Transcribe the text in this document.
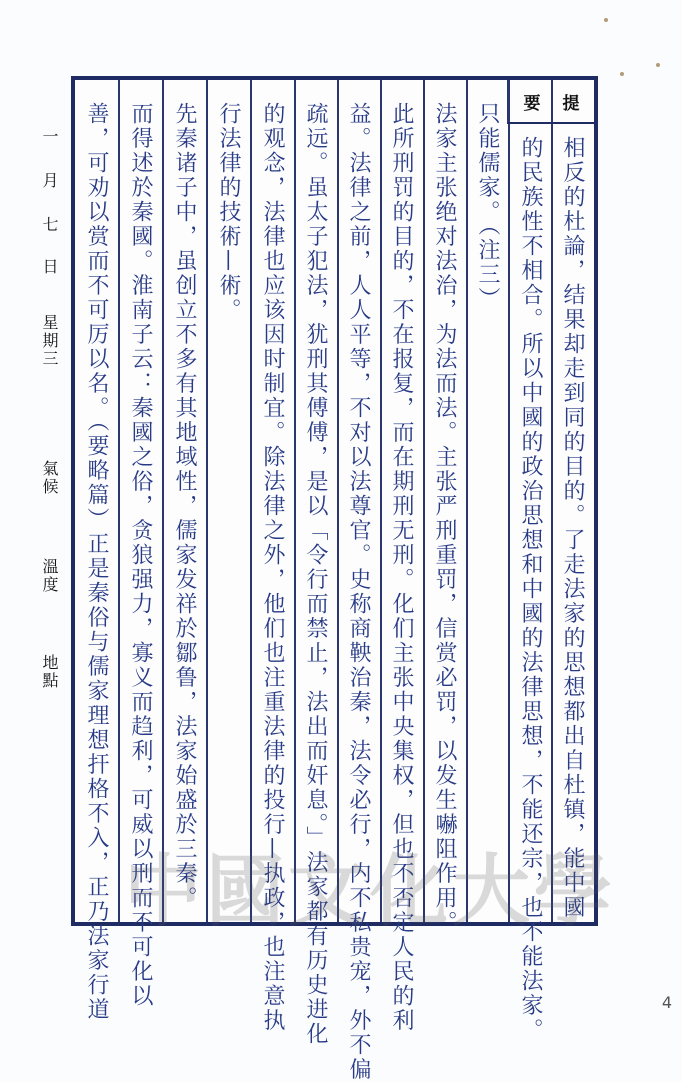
一
月
七
日
星期三
氣候
溫度
地點
要 提
相反的杜論，结果却走到同的目的。了走法家的思想都出自杜镇，能中國
的民族性不相合。所以中國的政治思想和中國的法律思想，不能还宗，也不能法家。
只能儒家。（注三）
法家主张绝对法治，为法而法。主张严刑重罚，信赏必罚，以发生嚇阻作用。
此所刑罚的目的，不在报复，而在期刑无刑。化们主张中央集权，但也不否定人民的利
益。法律之前，人人平等，不对以法尊官。史称商鞅治秦，法令必行，内不私贵宠，外不偏
疏远。虽太子犯法，犹刑其傅傅，是以「令行而禁止，法出而奸息。」法家都有历史进化
的观念，法律也应该因时制宜。除法律之外，他们也注重法律的投行—执政，也注意执
行法律的技術—術。
先秦诸子中，虽创立不多有其地域性，儒家发祥於鄒鲁，法家始盛於三秦。
而得述於秦國。淮南子云：秦國之俗，贪狼强力，寡义而趋利，可威以刑而不可化以
善，可劝以赏而不可厉以名。（要略篇）正是秦俗与儒家理想扞格不入，正乃法家行道 中國文化大學
4
